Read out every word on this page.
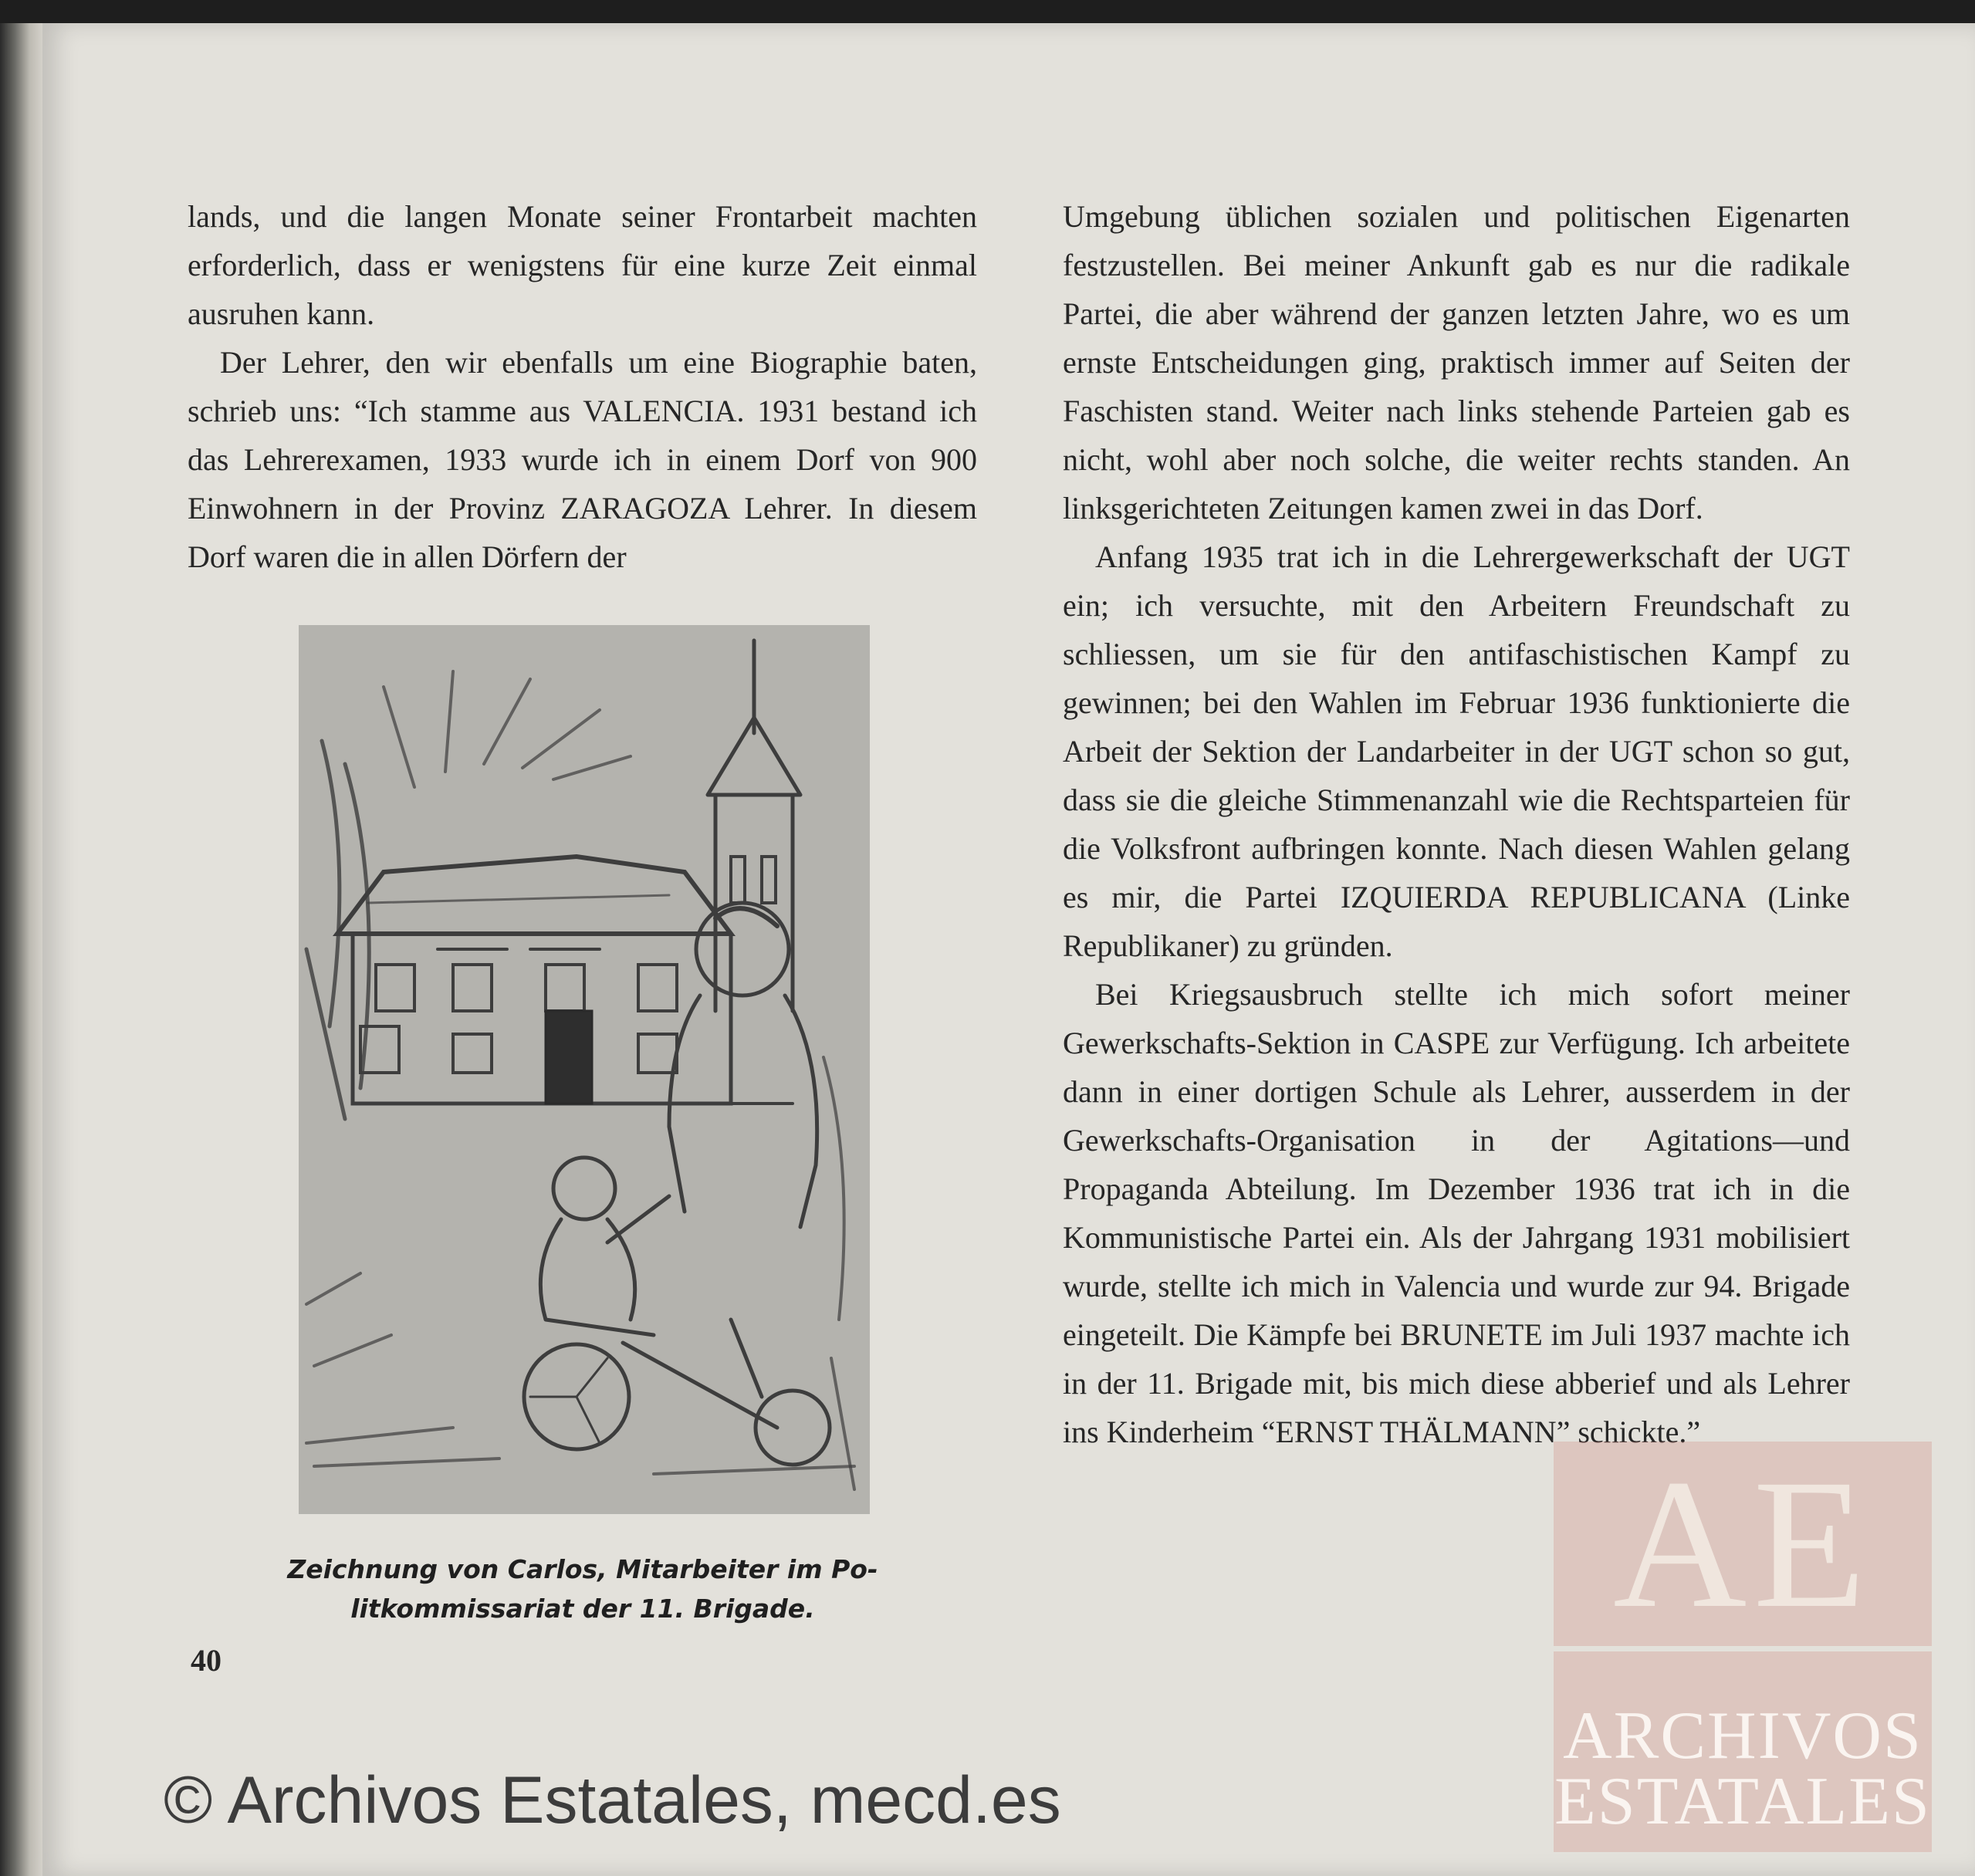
lands, und die langen Monate seiner Frontarbeit machten erforderlich, dass er wenigstens für eine kurze Zeit einmal ausruhen kann.

Der Lehrer, den wir ebenfalls um eine Biographie baten, schrieb uns: “Ich stamme aus VALENCIA. 1931 bestand ich das Lehrerexamen, 1933 wurde ich in einem Dorf von 900 Einwohnern in der Provinz ZARAGOZA Lehrer. In diesem Dorf waren die in allen Dörfern der

Zeichnung von Carlos, Mitarbeiter im Po-
litkommissariat der 11. Brigade.
40

Umgebung üblichen sozialen und politischen Eigenarten festzustellen. Bei meiner Ankunft gab es nur die radikale Partei, die aber während der ganzen letzten Jahre, wo es um ernste Entscheidungen ging, praktisch immer auf Seiten der Faschisten stand. Weiter nach links stehende Parteien gab es nicht, wohl aber noch solche, die weiter rechts standen. An linksgerichteten Zeitungen kamen zwei in das Dorf.

Anfang 1935 trat ich in die Lehrergewerkschaft der UGT ein; ich versuchte, mit den Arbeitern Freundschaft zu schliessen, um sie für den antifaschistischen Kampf zu gewinnen; bei den Wahlen im Februar 1936 funktionierte die Arbeit der Sektion der Landarbeiter in der UGT schon so gut, dass sie die gleiche Stimmenanzahl wie die Rechtsparteien für die Volksfront aufbringen konnte. Nach diesen Wahlen gelang es mir, die Partei IZQUIERDA REPUBLICANA (Linke Republikaner) zu gründen.

Bei Kriegsausbruch stellte ich mich sofort meiner Gewerkschafts-Sektion in CASPE zur Verfügung. Ich arbeitete dann in einer dortigen Schule als Lehrer, ausserdem in der Gewerkschafts-Organisation in der Agitations—und Propaganda Abteilung. Im Dezember 1936 trat ich in die Kommunistische Partei ein. Als der Jahrgang 1931 mobilisiert wurde, stellte ich mich in Valencia und wurde zur 94. Brigade eingeteilt. Die Kämpfe bei BRUNETE im Juli 1937 machte ich in der 11. Brigade mit, bis mich diese abberief und als Lehrer ins Kinderheim “ERNST THÄLMANN” schickte.”

AE
ARCHIVOS
ESTATALES
© Archivos Estatales, mecd.es
